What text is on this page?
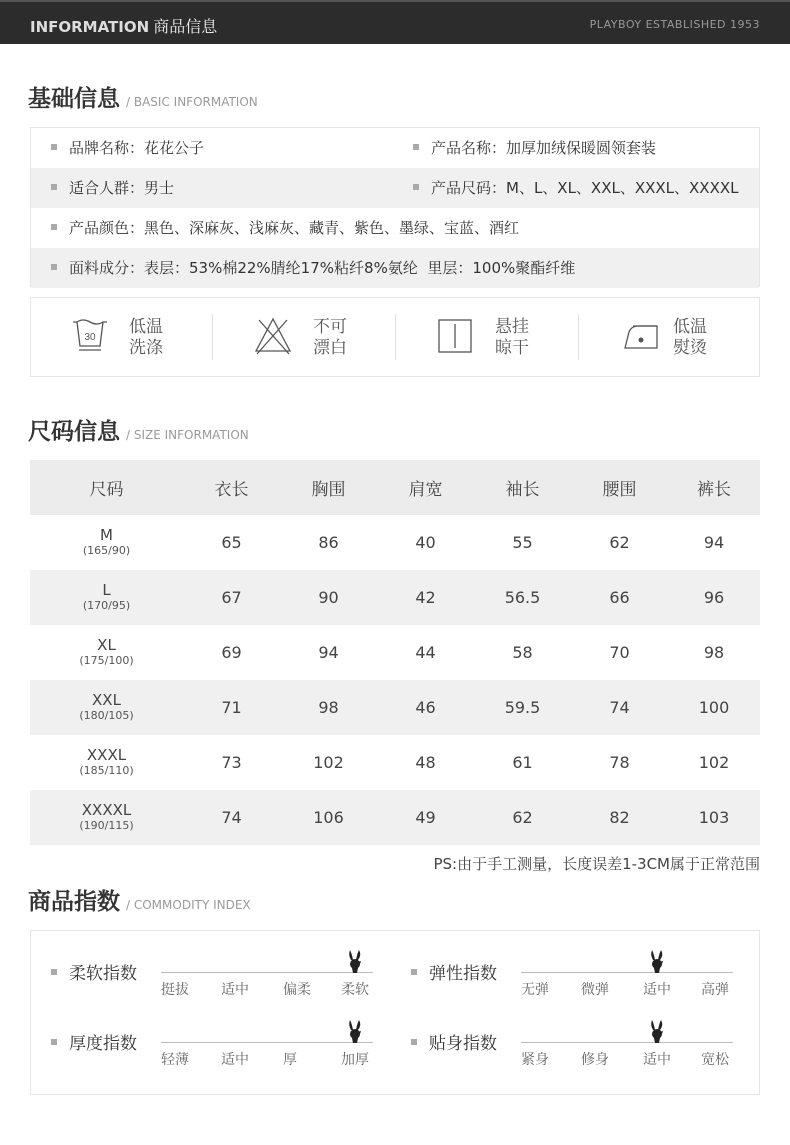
INFORMATION 商品信息	PLAYBOY ESTABLISHED 1953
基础信息 / BASIC INFORMATION
品牌名称：花花公子	产品名称：加厚加绒保暖圆领套装
适合人群：男士	产品尺码：M、L、XL、XXL、XXXL、XXXXL
产品颜色：黑色、深麻灰、浅麻灰、藏青、紫色、墨绿、宝蓝、酒红
面料成分：表层：53%棉22%腈纶17%粘纤8%氨纶  里层：100%聚酯纤维
30
低温
洗涤
不可
漂白
悬挂
晾干
低温
熨烫
尺码信息 / SIZE INFORMATION
尺码	衣长	胸围	肩宽	袖长	腰围	裤长

M
(165/90)	65	86	40	55	62	94

L
(170/95)	67	90	42	56.5	66	96

XL
(175/100)	69	94	44	58	70	98

XXL
(180/105)	71	98	46	59.5	74	100

XXXL
(185/110)	73	102	48	61	78	102

XXXXL
(190/115)	74	106	49	62	82	103
PS:由于手工测量，长度误差1-3CM属于正常范围
商品指数 / COMMODITY INDEX
柔软指数
挺拔 适中 偏柔 柔软
弹性指数
无弹 微弹 适中 高弹
厚度指数
轻薄 适中 厚	加厚
贴身指数
紧身 修身 适中 宽松
